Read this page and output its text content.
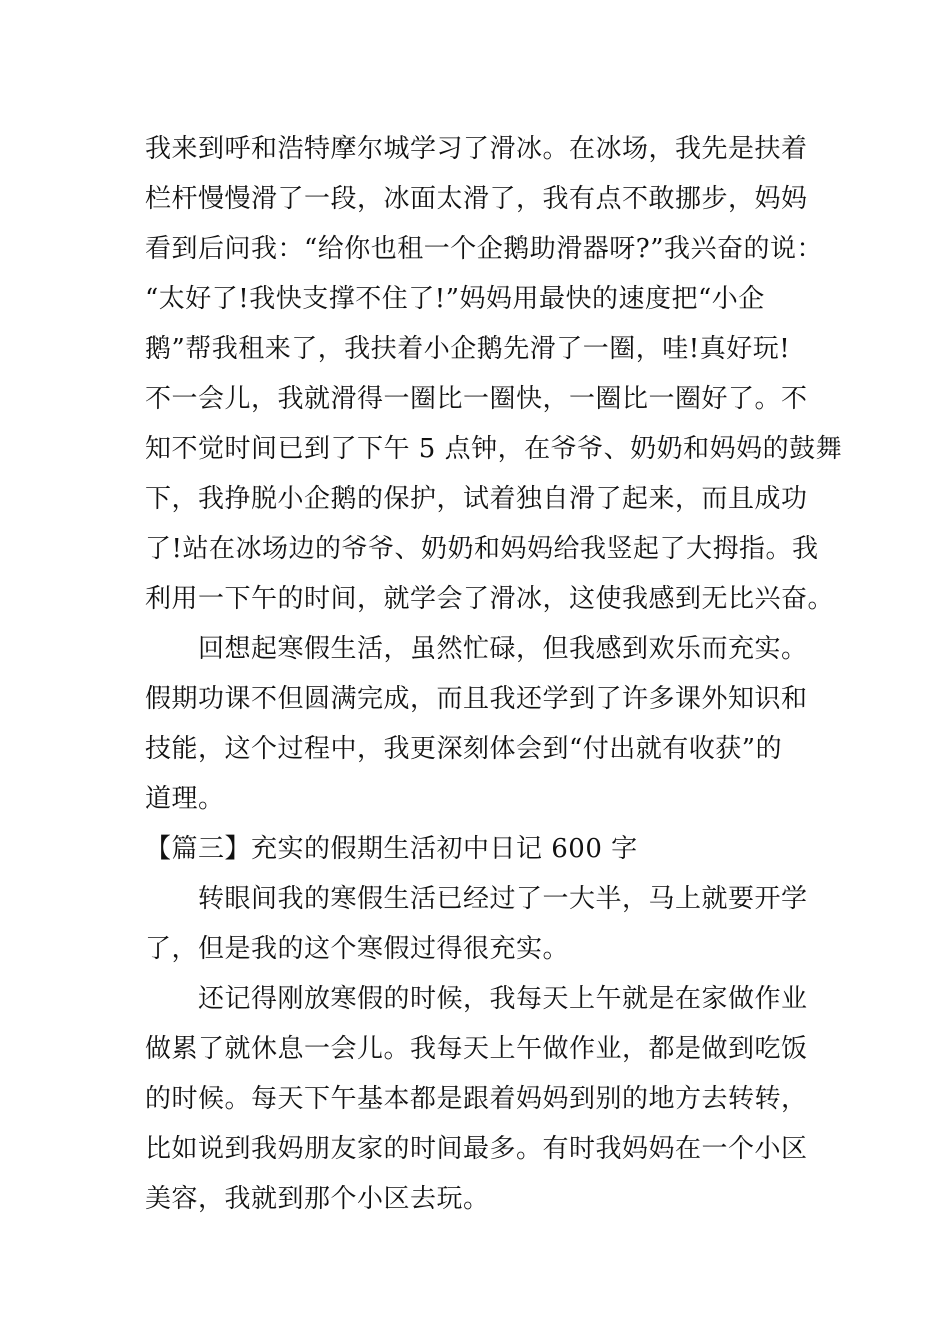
我来到呼和浩特摩尔城学习了滑冰。在冰场，我先是扶着
栏杆慢慢滑了一段，冰面太滑了，我有点不敢挪步，妈妈
看到后问我：“给你也租一个企鹅助滑器呀?”我兴奋的说：
“太好了!我快支撑不住了!”妈妈用最快的速度把“小企
鹅”帮我租来了，我扶着小企鹅先滑了一圈，哇!真好玩!
不一会儿，我就滑得一圈比一圈快，一圈比一圈好了。不
知不觉时间已到了下午 5 点钟，在爷爷、奶奶和妈妈的鼓舞
下，我挣脱小企鹅的保护，试着独自滑了起来，而且成功
了!站在冰场边的爷爷、奶奶和妈妈给我竖起了大拇指。我
利用一下午的时间，就学会了滑冰，这使我感到无比兴奋。
　　回想起寒假生活，虽然忙碌，但我感到欢乐而充实。
假期功课不但圆满完成，而且我还学到了许多课外知识和
技能，这个过程中，我更深刻体会到“付出就有收获”的
道理。
【篇三】充实的假期生活初中日记 600 字
　　转眼间我的寒假生活已经过了一大半，马上就要开学
了，但是我的这个寒假过得很充实。
　　还记得刚放寒假的时候，我每天上午就是在家做作业
做累了就休息一会儿。我每天上午做作业，都是做到吃饭
的时候。每天下午基本都是跟着妈妈到别的地方去转转，
比如说到我妈朋友家的时间最多。有时我妈妈在一个小区
美容，我就到那个小区去玩。
